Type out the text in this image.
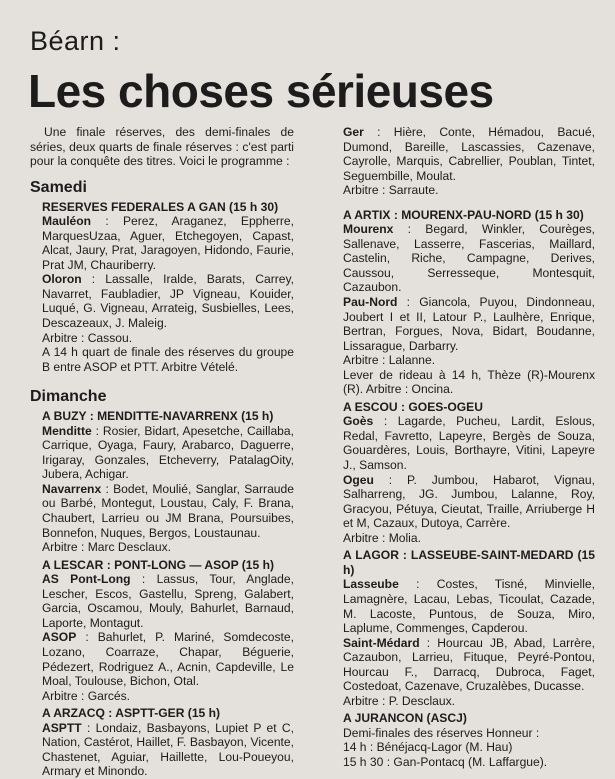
Béarn :
Les choses sérieuses

Une finale réserves, des demi-finales de séries, deux quarts de finale réserves : c'est parti pour la conquête des titres. Voici le programme :

Samedi
RESERVES FEDERALES A GAN (15 h 30)

Mauléon : Perez, Araganez, Eppherre, MarquesUzaa, Aguer, Etchegoyen, Capast, Alcat, Jaury, Prat, Jaragoyen, Hidondo, Faurie, Prat JM, Chauriberry.

Oloron : Lassalle, Iralde, Barats, Carrey, Navarret, Faubladier, JP Vigneau, Kouider, Luqué, G. Vigneau, Arrateig, Susbielles, Lees, Descazeaux, J. Maleig.

Arbitre : Cassou.

A 14 h quart de finale des réserves du groupe B entre ASOP et PTT. Arbitre Vételé.

Dimanche
A BUZY : MENDITTE-NAVARRENX (15 h)

Menditte : Rosier, Bidart, Apesetche, Caillaba, Carrique, Oyaga, Faury, Arabarco, Daguerre, Irigaray, Gonzales, Etcheverry, PatalagOity, Jubera, Achigar.

Navarrenx : Bodet, Moulié, Sanglar, Sarraude ou Barbé, Montegut, Loustau, Caly, F. Brana, Chaubert, Larrieu ou JM Brana, Poursuibes, Bonnefon, Nuques, Bergos, Loustaunau.

Arbitre : Marc Desclaux.

A LESCAR : PONT-LONG — ASOP (15 h)

AS Pont-Long : Lassus, Tour, Anglade, Lescher, Escos, Gastellu, Spreng, Galabert, Garcia, Oscamou, Mouly, Bahurlet, Barnaud, Laporte, Montagut.

ASOP : Bahurlet, P. Mariné, Somdecoste, Lozano, Coarraze, Chapar, Béguerie, Pédezert, Rodriguez A., Acnin, Capdeville, Le Moal, Toulouse, Bichon, Otal.

Arbitre : Garcés.

A ARZACQ : ASPTT-GER (15 h)

ASPTT : Londaiz, Basbayons, Lupiet P et C, Nation, Castérot, Haillet, F. Basbayon, Vicente, Chastenet, Aguiar, Haillette, Lou-Poueyou, Armary et Minondo.

Ger : Hière, Conte, Hémadou, Bacué, Dumond, Bareille, Lascassies, Cazenave, Cayrolle, Marquis, Cabrellier, Poublan, Tintet, Seguembille, Moulat.

Arbitre : Sarraute.

A ARTIX : MOURENX-PAU-NORD (15 h 30)

Mourenx : Begard, Winkler, Courèges, Sallenave, Lasserre, Fascerias, Maillard, Castelin, Riche, Campagne, Derives, Caussou, Serresseque, Montesquit, Cazaubon.

Pau-Nord : Giancola, Puyou, Dindonneau, Joubert I et II, Latour P., Laulhère, Enrique, Bertran, Forgues, Nova, Bidart, Boudanne, Lissarague, Darbarry.

Arbitre : Lalanne.

Lever de rideau à 14 h, Thèze (R)-Mourenx (R). Arbitre : Oncina.

A ESCOU : GOES-OGEU

Goès : Lagarde, Pucheu, Lardit, Eslous, Redal, Favretto, Lapeyre, Bergès de Souza, Gouardères, Louis, Borthayre, Vitini, Lapeyre J., Samson.

Ogeu : P. Jumbou, Habarot, Vignau, Salharreng, JG. Jumbou, Lalanne, Roy, Gracyou, Pétuya, Cieutat, Traille, Arriuberge H et M, Cazaux, Dutoya, Carrère.

Arbitre : Molia.

A LAGOR : LASSEUBE-SAINT-MEDARD (15 h)

Lasseube : Costes, Tisné, Minvielle, Lamagnère, Lacau, Lebas, Ticoulat, Cazade, M. Lacoste, Puntous, de Souza, Miro, Laplume, Commenges, Capderou.

Saint-Médard : Hourcau JB, Abad, Larrère, Cazaubon, Larrieu, Fituque, Peyré-Pontou, Hourcau F., Darracq, Dubroca, Faget, Costedoat, Cazenave, Cruzalèbes, Ducasse.

Arbitre : P. Desclaux.

A JURANCON (ASCJ)

Demi-finales des réserves Honneur :

14 h : Bénéjacq-Lagor (M. Hau)

15 h 30 : Gan-Pontacq (M. Laffargue).
